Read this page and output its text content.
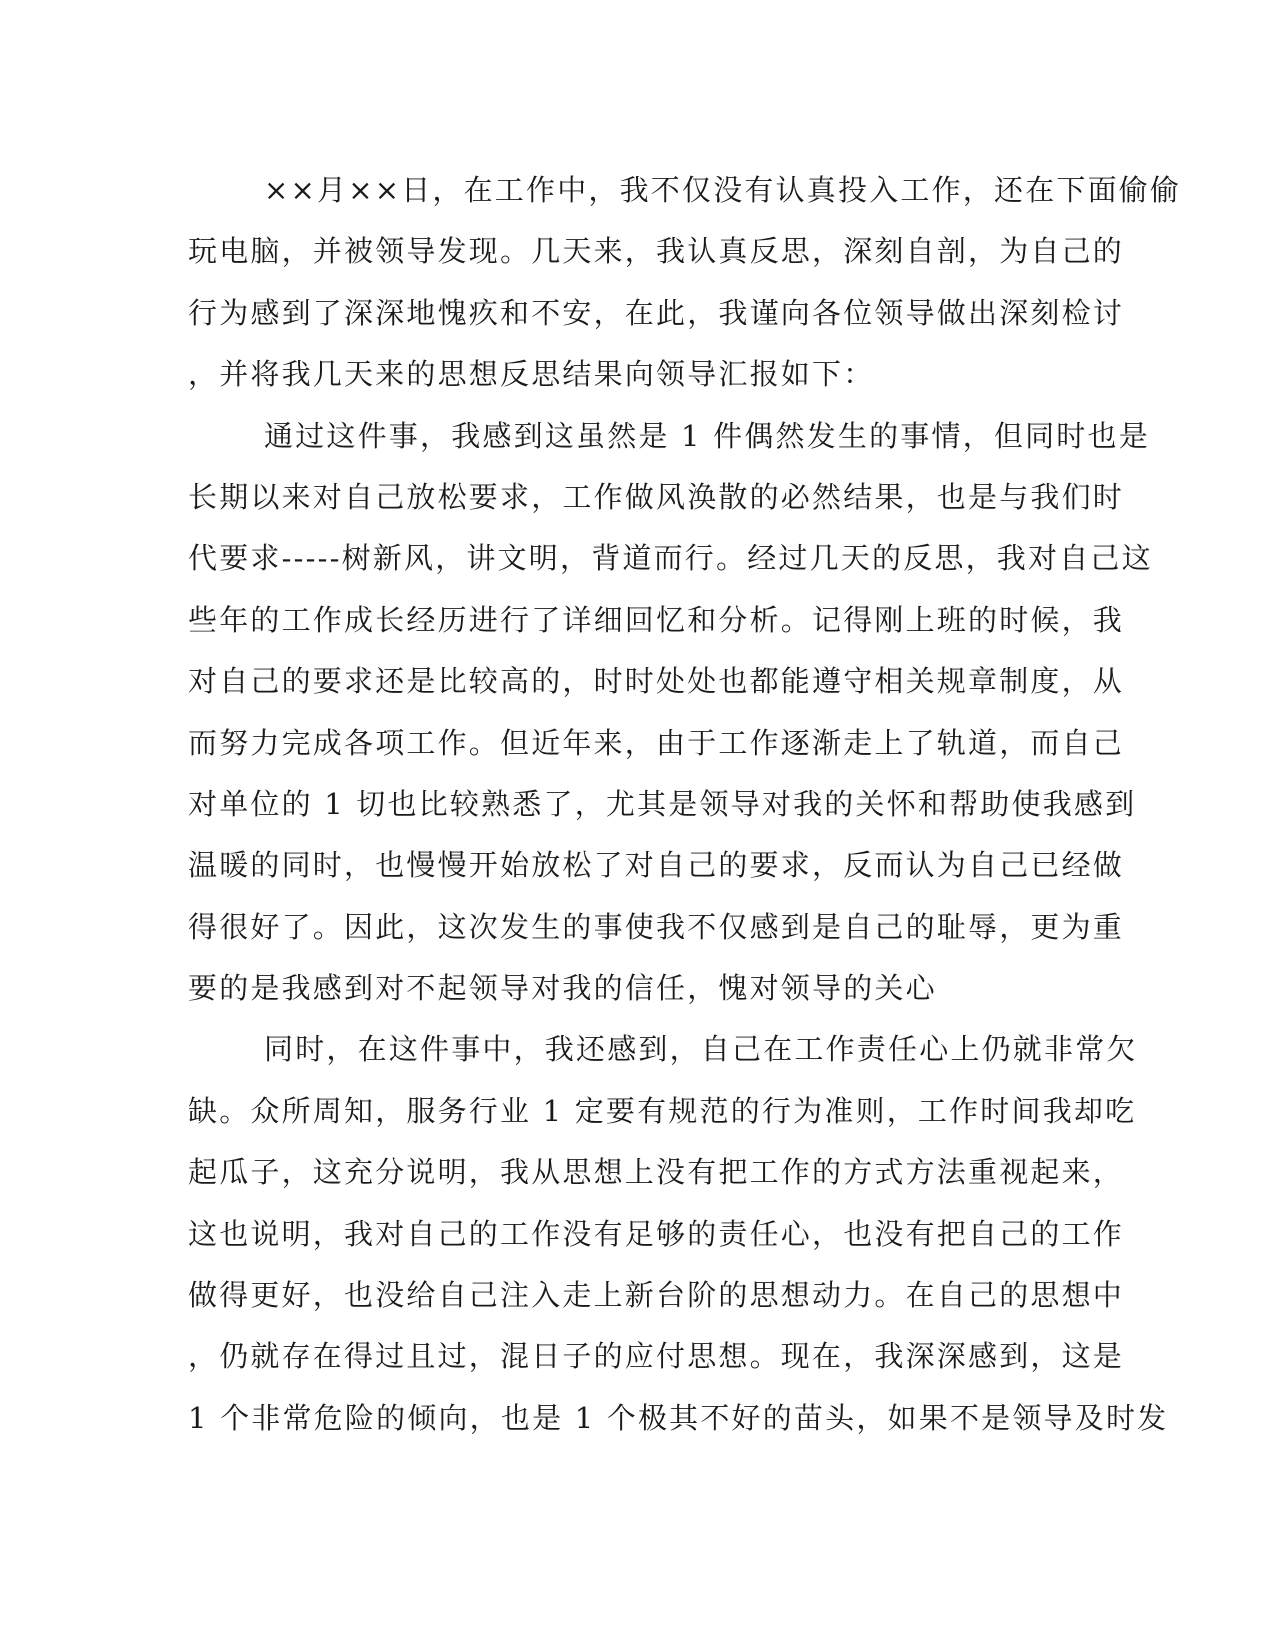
××月××日，在工作中，我不仅没有认真投入工作，还在下面偷偷
玩电脑，并被领导发现。几天来，我认真反思，深刻自剖，为自己的
行为感到了深深地愧疚和不安，在此，我谨向各位领导做出深刻检讨
，并将我几天来的思想反思结果向领导汇报如下：
通过这件事，我感到这虽然是 1 件偶然发生的事情，但同时也是
长期以来对自己放松要求，工作做风涣散的必然结果，也是与我们时
代要求-----树新风，讲文明，背道而行。经过几天的反思，我对自己这
些年的工作成长经历进行了详细回忆和分析。记得刚上班的时候，我
对自己的要求还是比较高的，时时处处也都能遵守相关规章制度，从
而努力完成各项工作。但近年来，由于工作逐渐走上了轨道，而自己
对单位的 1 切也比较熟悉了，尤其是领导对我的关怀和帮助使我感到
温暖的同时，也慢慢开始放松了对自己的要求，反而认为自己已经做
得很好了。因此，这次发生的事使我不仅感到是自己的耻辱，更为重
要的是我感到对不起领导对我的信任，愧对领导的关心
同时，在这件事中，我还感到，自己在工作责任心上仍就非常欠
缺。众所周知，服务行业 1 定要有规范的行为准则，工作时间我却吃
起瓜子，这充分说明，我从思想上没有把工作的方式方法重视起来，
这也说明，我对自己的工作没有足够的责任心，也没有把自己的工作
做得更好，也没给自己注入走上新台阶的思想动力。在自己的思想中
，仍就存在得过且过，混日子的应付思想。现在，我深深感到，这是
1 个非常危险的倾向，也是 1 个极其不好的苗头，如果不是领导及时发
